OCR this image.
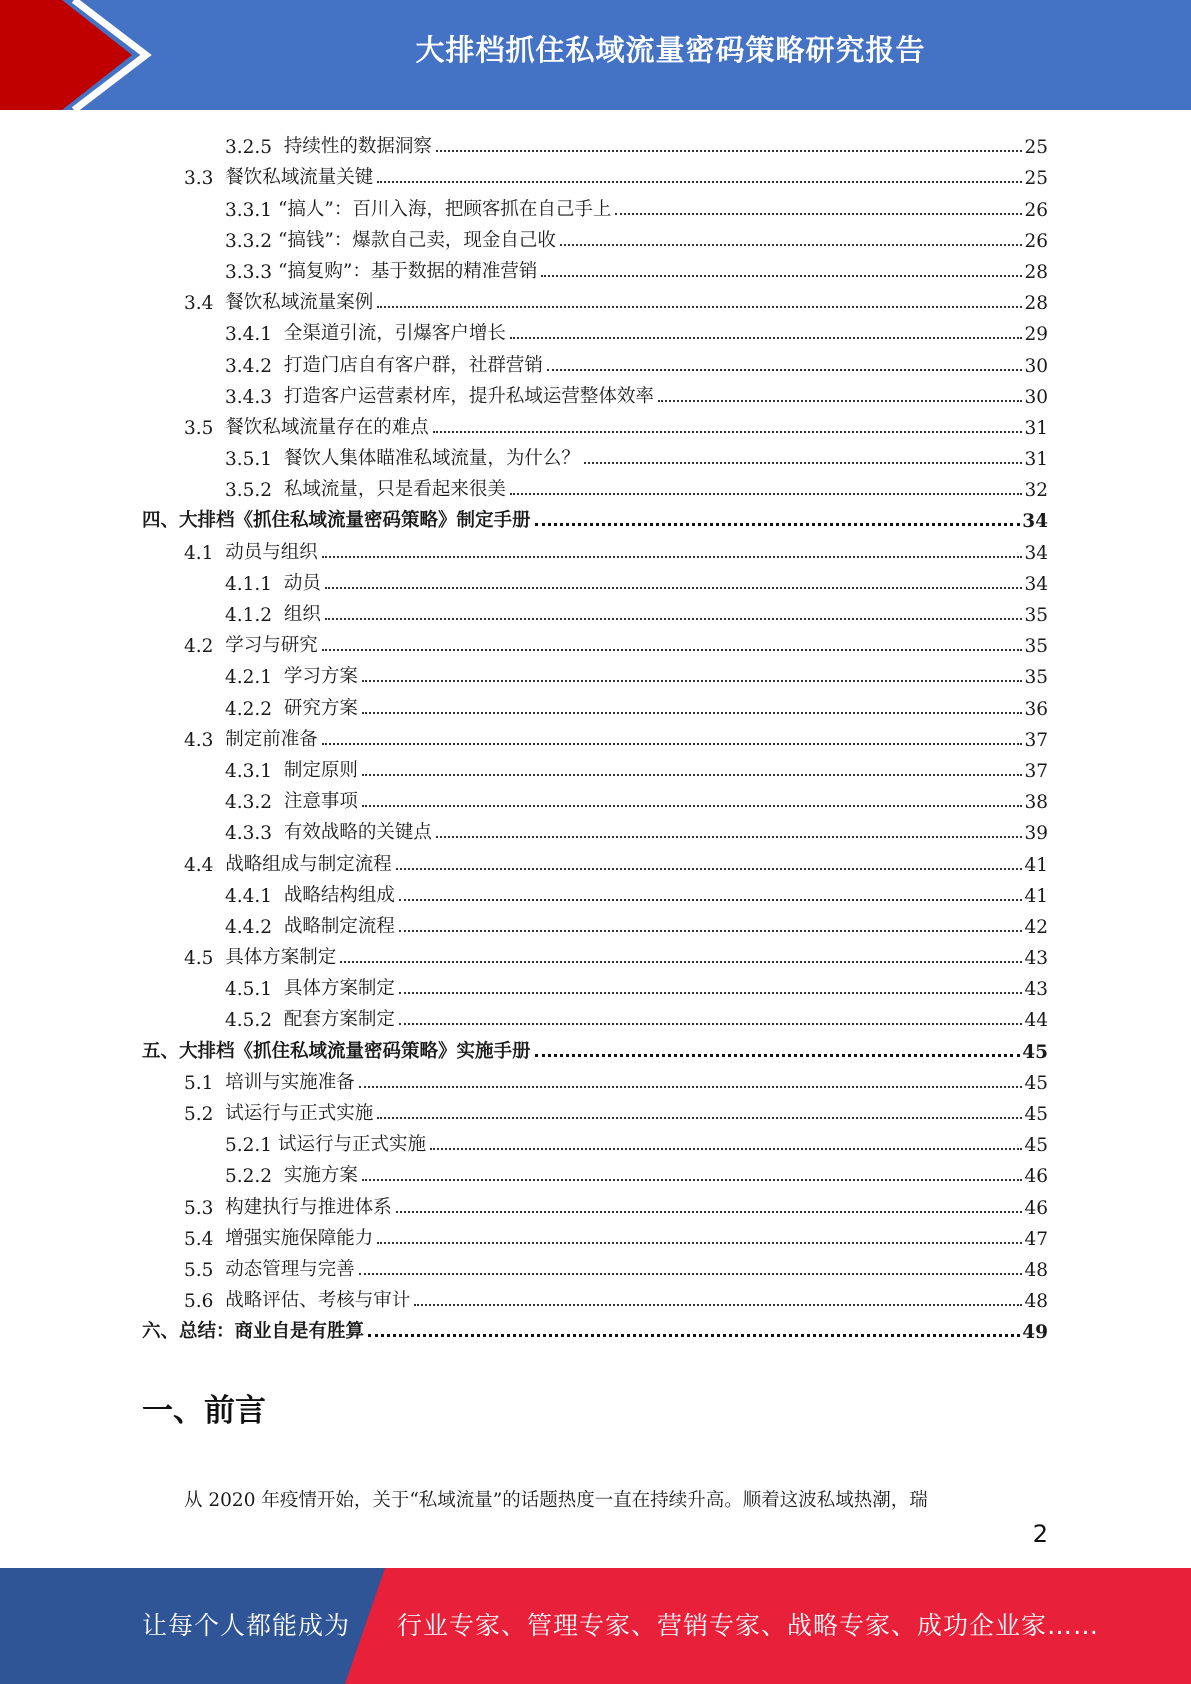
大排档抓住私域流量密码策略研究报告
3.2.5 持续性的数据洞察	25
3.3 餐饮私域流量关键	25
3.3.1 “搞人”：百川入海，把顾客抓在自己手上	26
3.3.2 “搞钱”：爆款自己卖，现金自己收	26
3.3.3 “搞复购”：基于数据的精准营销	28
3.4 餐饮私域流量案例	28
3.4.1 全渠道引流，引爆客户增长	29
3.4.2 打造门店自有客户群，社群营销	30
3.4.3 打造客户运营素材库，提升私域运营整体效率	30
3.5 餐饮私域流量存在的难点	31
3.5.1 餐饮人集体瞄准私域流量，为什么？	31
3.5.2 私域流量，只是看起来很美	32
四、大排档《抓住私域流量密码策略》制定手册	34
4.1 动员与组织	34
4.1.1 动员	34
4.1.2 组织	35
4.2 学习与研究	35
4.2.1 学习方案	35
4.2.2 研究方案	36
4.3 制定前准备	37
4.3.1 制定原则	37
4.3.2 注意事项	38
4.3.3 有效战略的关键点	39
4.4 战略组成与制定流程	41
4.4.1 战略结构组成	41
4.4.2 战略制定流程	42
4.5 具体方案制定	43
4.5.1 具体方案制定	43
4.5.2 配套方案制定	44
五、大排档《抓住私域流量密码策略》实施手册	45
5.1 培训与实施准备	45
5.2 试运行与正式实施	45
5.2.1 试运行与正式实施	45
5.2.2 实施方案	46
5.3 构建执行与推进体系	46
5.4 增强实施保障能力	47
5.5 动态管理与完善	48
5.6 战略评估、考核与审计	48
六、总结：商业自是有胜算	49
一、前言
从 2020 年疫情开始，关于“私域流量”的话题热度一直在持续升高。顺着这波私域热潮，瑞
2
让每个人都能成为 行业专家、管理专家、营销专家、战略专家、成功企业家……
